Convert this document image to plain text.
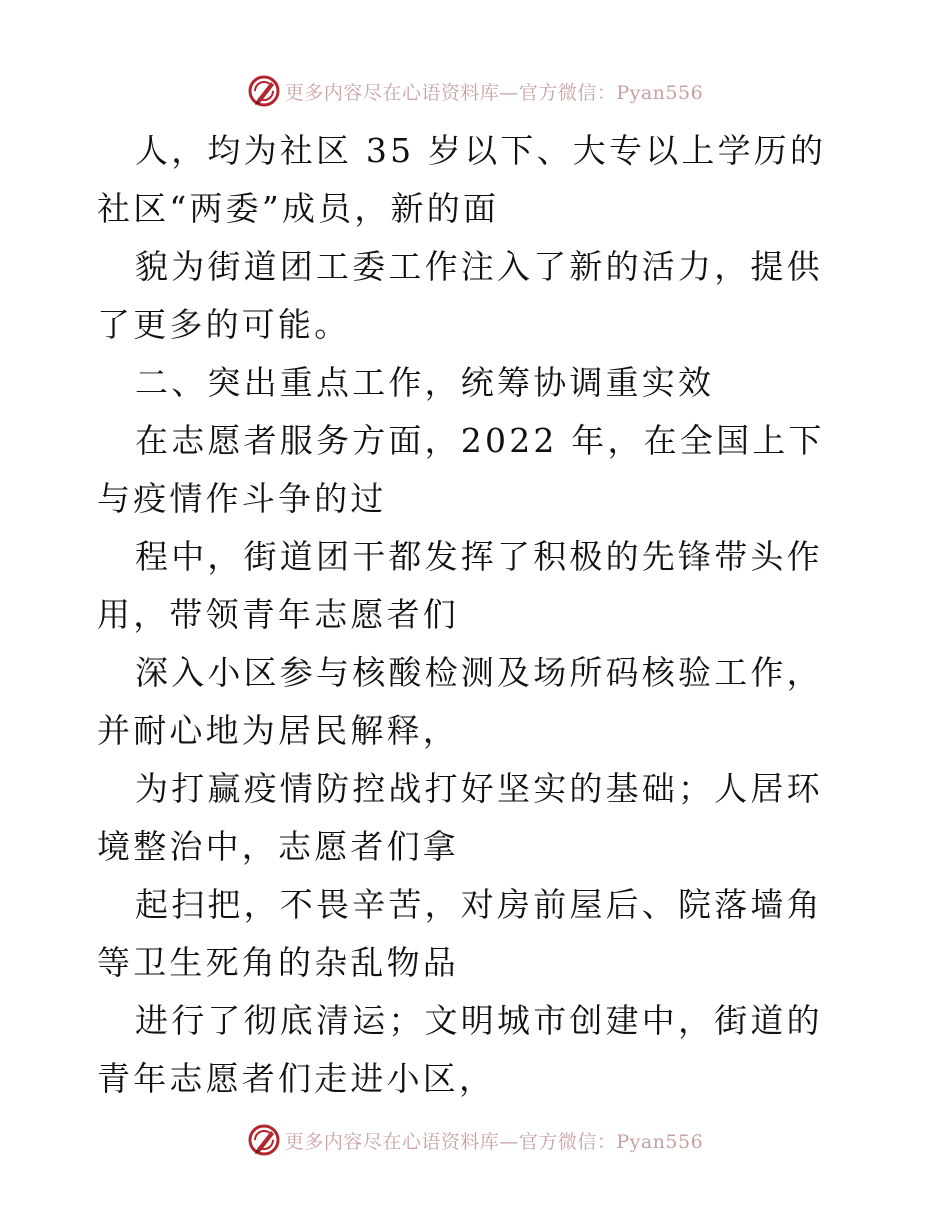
更多内容尽在心语资料库—官方微信：Pyan556

人，均为社区 35 岁以下、大专以上学历的社区“两委”成员，新的面

貌为街道团工委工作注入了新的活力，提供了更多的可能。

二、突出重点工作，统筹协调重实效

在志愿者服务方面，2022 年，在全国上下与疫情作斗争的过

程中，街道团干都发挥了积极的先锋带头作用，带领青年志愿者们

深入小区参与核酸检测及场所码核验工作，并耐心地为居民解释，

为打赢疫情防控战打好坚实的基础；人居环境整治中，志愿者们拿

起扫把，不畏辛苦，对房前屋后、院落墙角等卫生死角的杂乱物品

进行了彻底清运；文明城市创建中，街道的青年志愿者们走进小区，

更多内容尽在心语资料库—官方微信：Pyan556
